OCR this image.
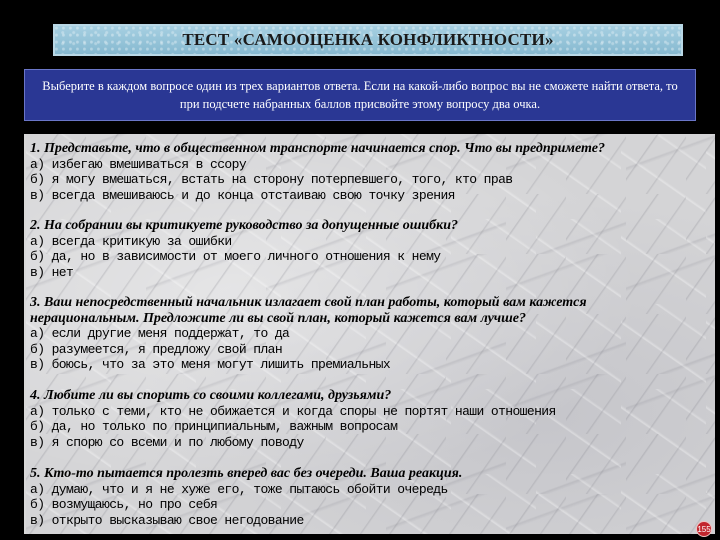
ТЕСТ «САМООЦЕНКА КОНФЛИКТНОСТИ»
Выберите в каждом вопросе один из трех вариантов ответа. Если на какой-либо вопрос вы не сможете найти ответа, то при подсчете набранных баллов присвойте этому вопросу два очка.
1. Представьте, что в общественном транспорте начинается спор. Что вы предпримете?
а) избегаю вмешиваться в ссору
б) я могу вмешаться, встать на сторону потерпевшего, того, кто прав
в) всегда вмешиваюсь и до конца отстаиваю свою точку зрения
2. На собрании вы критикуете руководство за допущенные ошибки?
а) всегда критикую за ошибки
б) да, но в зависимости от моего личного отношения к нему
в) нет
3. Ваш непосредственный начальник излагает свой план работы, который вам кажется нерациональным. Предложите ли вы свой план, который кажется вам лучше?
а) если другие меня поддержат, то да
б) разумеется, я предложу свой план
в) боюсь, что за это меня могут лишить премиальных
4. Любите ли вы спорить со своими коллегами, друзьями?
а) только с теми, кто не обижается и когда споры не портят наши отношения
б) да, но только по принципиальным, важным вопросам
в) я спорю со всеми и по любому поводу
5. Кто-то пытается пролезть вперед вас без очереди. Ваша реакция.
а) думаю, что и я не хуже его, тоже пытаюсь обойти очередь
б) возмущаюсь, но про себя
в) открыто высказываю свое негодование
155
